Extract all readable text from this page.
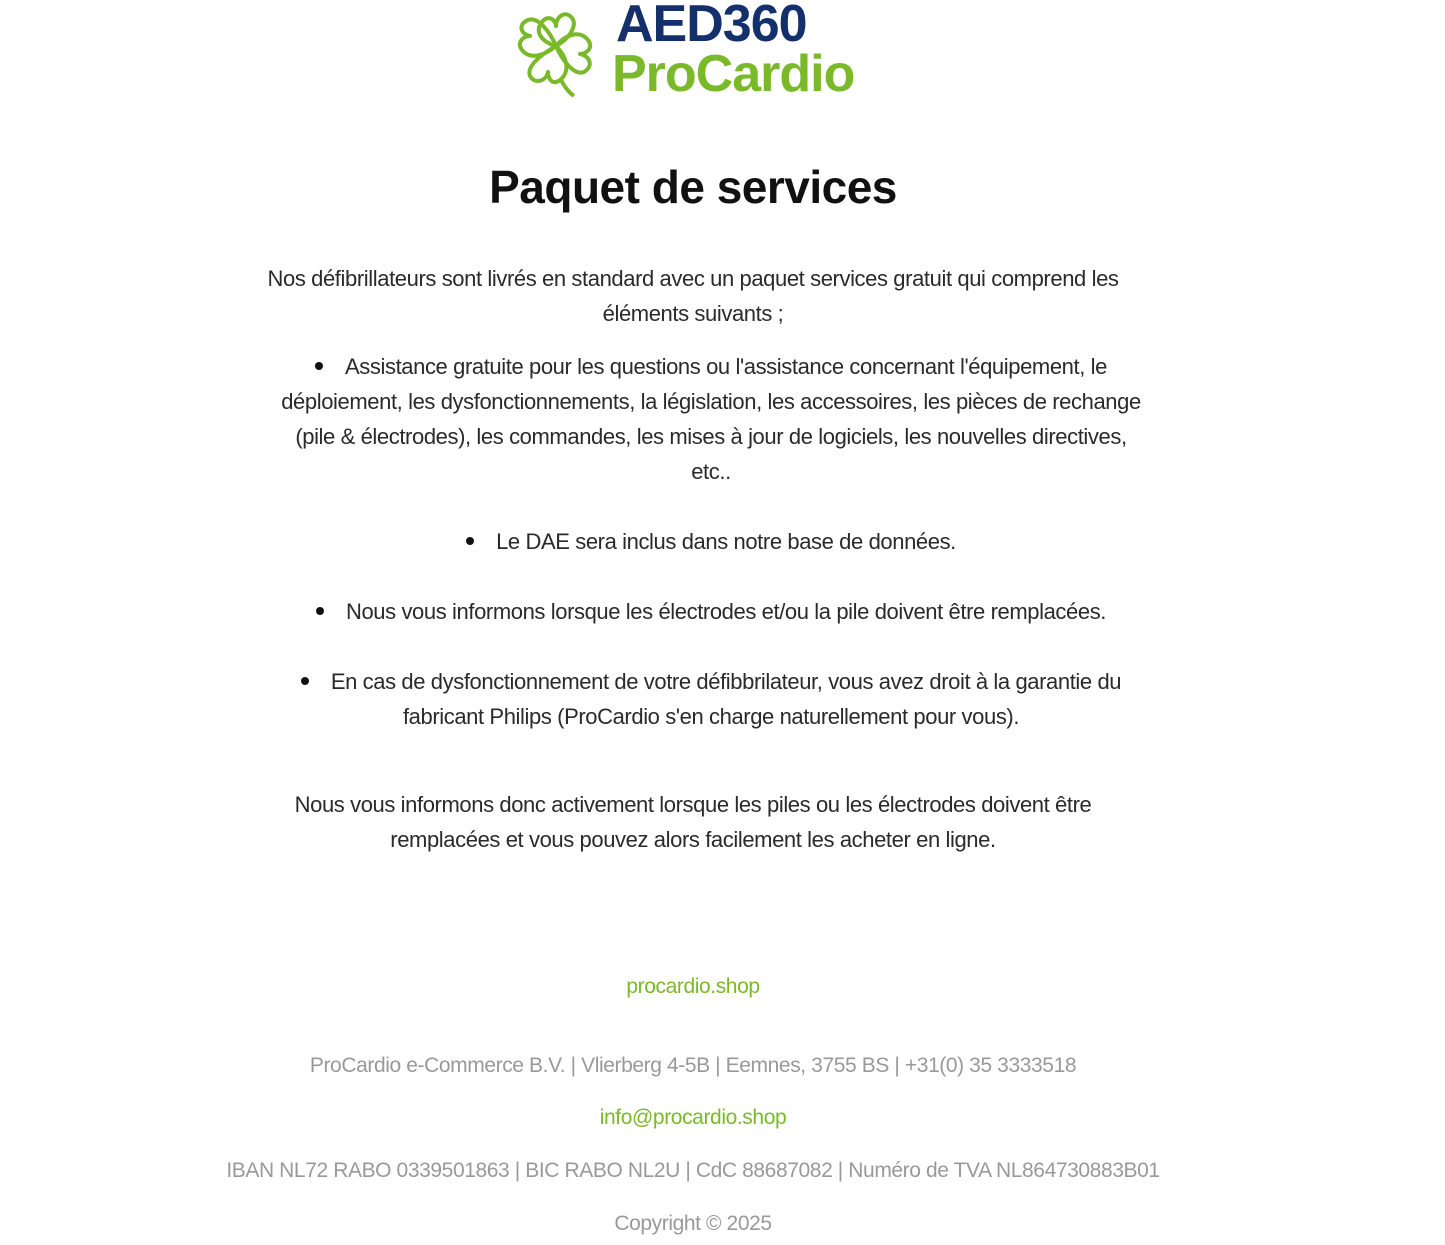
AED360
ProCardio
Paquet de services

Nos défibrillateurs sont livrés en standard avec un paquet services gratuit qui comprend les éléments suivants ;

Assistance gratuite pour les questions ou l'assistance concernant l'équipement, le déploiement, les dysfonctionnements, la législation, les accessoires, les pièces de rechange (pile & électrodes), les commandes, les mises à jour de logiciels, les nouvelles directives, etc..
Le DAE sera inclus dans notre base de données.
Nous vous informons lorsque les électrodes et/ou la pile doivent être remplacées.
En cas de dysfonctionnement de votre défibbrilateur, vous avez droit à la garantie du fabricant Philips (ProCardio s'en charge naturellement pour vous).

Nous vous informons donc activement lorsque les piles ou les électrodes doivent être remplacées et vous pouvez alors facilement les acheter en ligne.

procardio.shop
ProCardio e-Commerce B.V. | Vlierberg 4-5B | Eemnes, 3755 BS | +31(0) 35 3333518
info@procardio.shop
IBAN NL72 RABO 0339501863 | BIC RABO NL2U | CdC 88687082 | Numéro de TVA NL864730883B01
Copyright © 2025
